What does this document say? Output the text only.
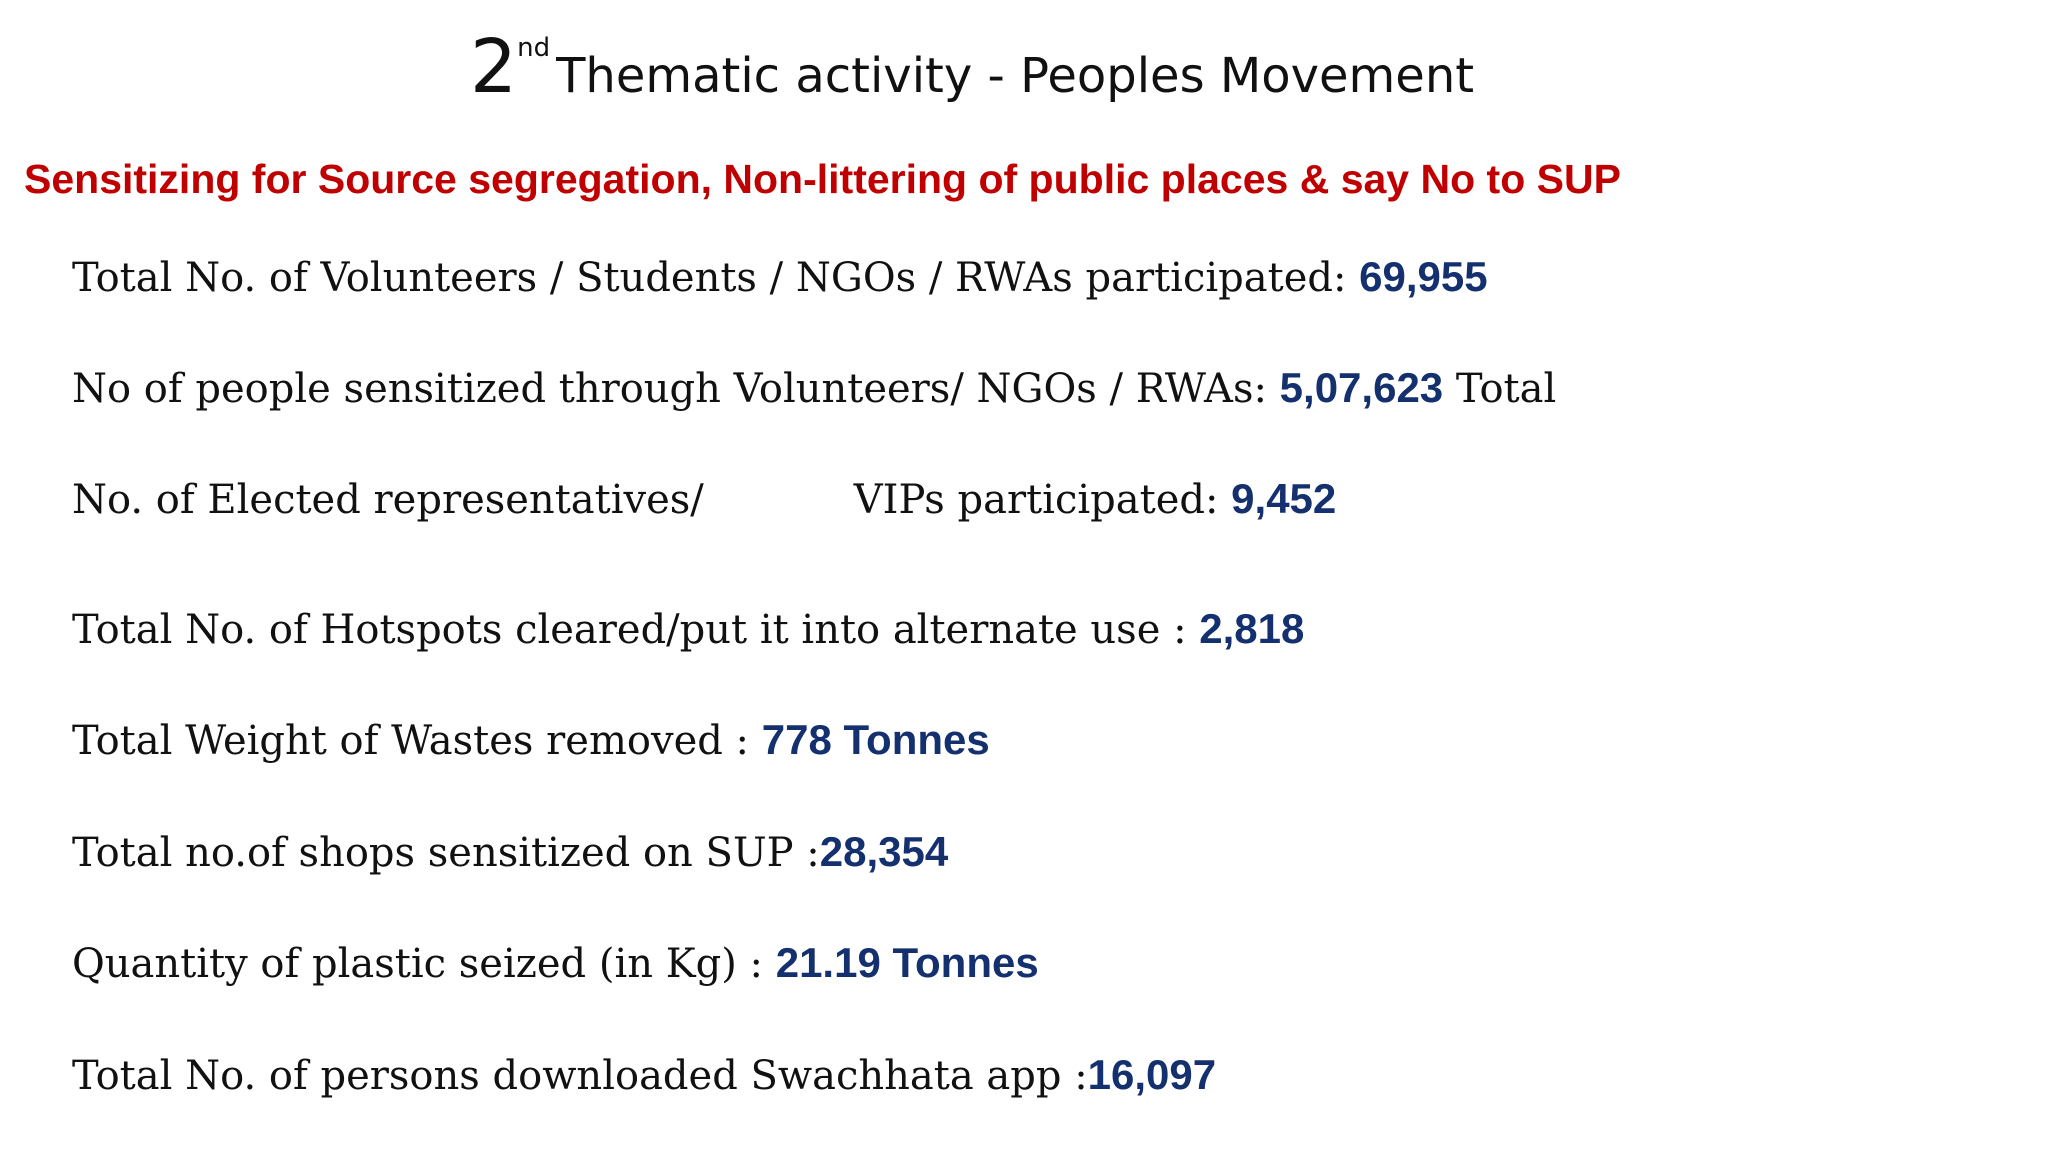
2nd Thematic activity - Peoples Movement
Sensitizing for Source segregation, Non-littering of public places & say No to SUP
Total No. of Volunteers / Students / NGOs / RWAs participated: 69,955
No of people sensitized through Volunteers/ NGOs / RWAs: 5,07,623 Total
No. of Elected representatives/	VIPs participated: 9,452
Total No. of Hotspots cleared/put it into alternate use : 2,818
Total Weight of Wastes removed : 778 Tonnes
Total no.of shops sensitized on SUP :28,354
Quantity of plastic seized (in Kg) : 21.19 Tonnes
Total No. of persons downloaded Swachhata app :16,097
